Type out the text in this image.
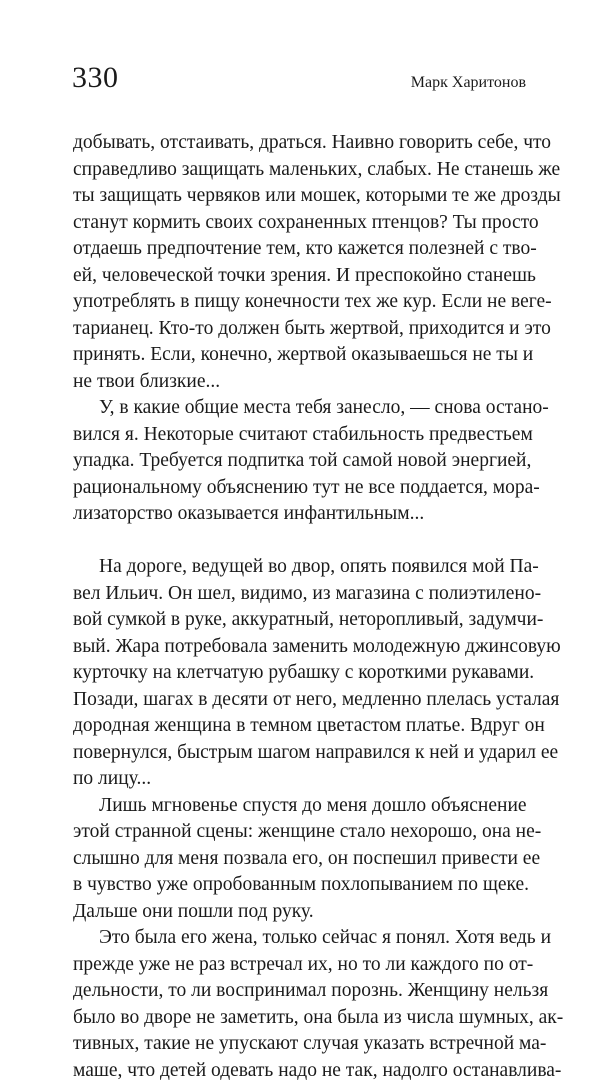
330	Марк Харитонов
добывать, отстаивать, драться. Наивно говорить себе, что
справедливо защищать маленьких, слабых. Не станешь же
ты защищать червяков или мошек, которыми те же дрозды
станут кормить своих сохраненных птенцов? Ты просто
отдаешь предпочтение тем, кто кажется полезней с тво-
ей, человеческой точки зрения. И преспокойно станешь
употреблять в пищу конечности тех же кур. Если не веге-
тарианец. Кто-то должен быть жертвой, приходится и это
принять. Если, конечно, жертвой оказываешься не ты и
не твои близкие...
У, в какие общие места тебя занесло, — снова остано-
вился я. Некоторые считают стабильность предвестьем
упадка. Требуется подпитка той самой новой энергией,
рациональному объяснению тут не все поддается, мора-
лизаторство оказывается инфантильным...
На дороге, ведущей во двор, опять появился мой Па-
вел Ильич. Он шел, видимо, из магазина с полиэтилено-
вой сумкой в руке, аккуратный, неторопливый, задумчи-
вый. Жара потребовала заменить молодежную джинсовую
курточку на клетчатую рубашку с короткими рукавами.
Позади, шагах в десяти от него, медленно плелась усталая
дородная женщина в темном цветастом платье. Вдруг он
повернулся, быстрым шагом направился к ней и ударил ее
по лицу...
Лишь мгновенье спустя до меня дошло объяснение
этой странной сцены: женщине стало нехорошо, она не-
слышно для меня позвала его, он поспешил привести ее
в чувство уже опробованным похлопыванием по щеке.
Дальше они пошли под руку.
Это была его жена, только сейчас я понял. Хотя ведь и
прежде уже не раз встречал их, но то ли каждого по от-
дельности, то ли воспринимал порознь. Женщину нельзя
было во дворе не заметить, она была из числа шумных, ак-
тивных, такие не упускают случая указать встречной ма-
маше, что детей одевать надо не так, надолго останавлива-
